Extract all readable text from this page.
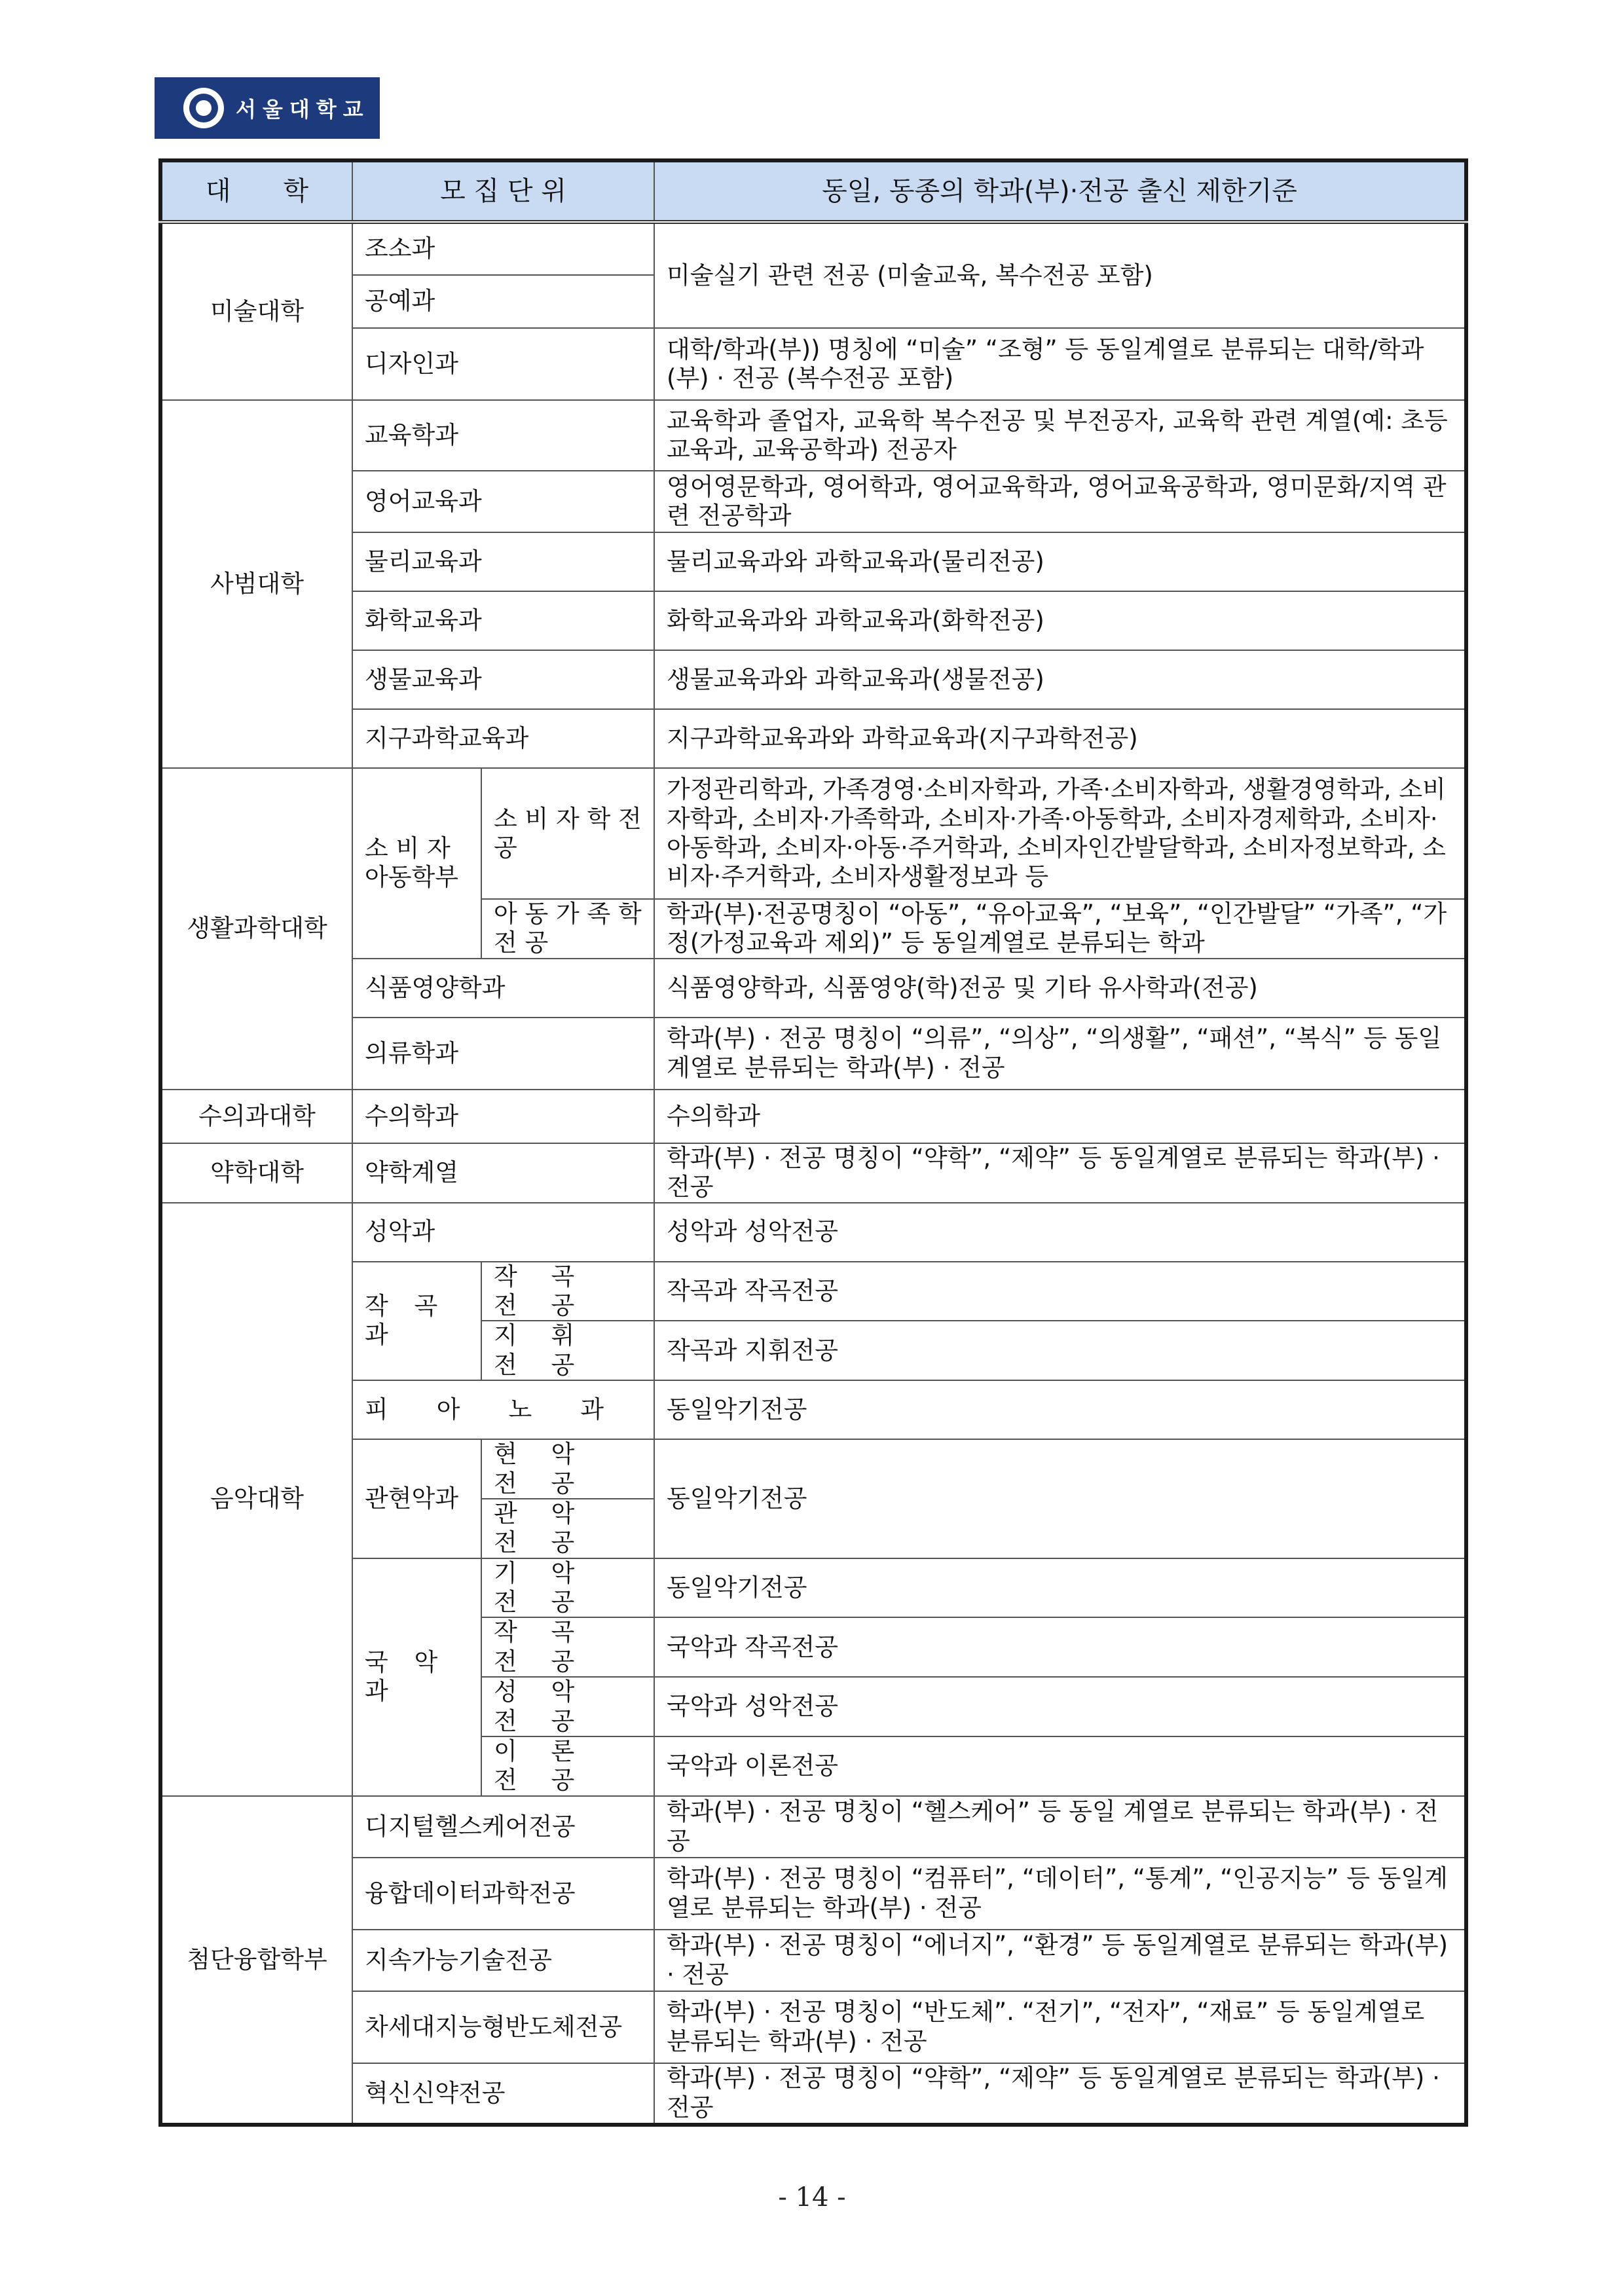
서울대학교
대　　학	모 집 단 위		동일, 동종의 학과(부)·전공 출신 제한기준
미술대학	조소과		미술실기 관련 전공 (미술교육, 복수전공 포함)
	공예과		
	디자인과		대학/학과(부)) 명칭에 “미술” “조형” 등 동일계열로 분류되는 대학/학과(부) · 전공 (복수전공 포함)
사범대학	교육학과		교육학과 졸업자, 교육학 복수전공 및 부전공자, 교육학 관련 계열(예: 초등교육과, 교육공학과) 전공자
	영어교육과		영어영문학과, 영어학과, 영어교육학과, 영어교육공학과, 영미문화/지역 관련 전공학과
	물리교육과		물리교육과와 과학교육과(물리전공)
	화학교육과		화학교육과와 과학교육과(화학전공)
	생물교육과		생물교육과와 과학교육과(생물전공)
	지구과학교육과		지구과학교육과와 과학교육과(지구과학전공)
생활과학대학	소 비 자 아동학부	소 비 자 학 전 공	가정관리학과, 가족경영·소비자학과, 가족·소비자학과, 생활경영학과, 소비자학과, 소비자·가족학과, 소비자·가족·아동학과, 소비자경제학과, 소비자·아동학과, 소비자·아동·주거학과, 소비자인간발달학과, 소비자정보학과, 소비자·주거학과, 소비자생활정보과 등
		아 동 가 족 학 전 공	학과(부)·전공명칭이 “아동”, “유아교육”, “보육”, “인간발달” “가족”, “가정(가정교육과 제외)” 등 동일계열로 분류되는 학과
	식품영양학과		식품영양학과, 식품영양(학)전공 및 기타 유사학과(전공)
	의류학과		학과(부) · 전공 명칭이 “의류”, “의상”, “의생활”, “패션”, “복식” 등 동일계열로 분류되는 학과(부) · 전공
수의과대학	수의학과		수의학과
약학대학	약학계열		학과(부) · 전공 명칭이 “약학”, “제약” 등 동일계열로 분류되는 학과(부) · 전공
음악대학	성악과		성악과 성악전공
	작 곡 과	작 곡 전 공	작곡과 작곡전공
		지 휘 전 공	작곡과 지휘전공
	피　　아　　노　　과		동일악기전공
	관현악과	현 악 전 공	동일악기전공
		관 악 전 공	
	국 악 과	기 악 전 공	동일악기전공
		작 곡 전 공	국악과 작곡전공
		성 악 전 공	국악과 성악전공
		이 론 전 공	국악과 이론전공
첨단융합학부	디지털헬스케어전공		학과(부) · 전공 명칭이 “헬스케어” 등 동일 계열로 분류되는 학과(부) · 전공
	융합데이터과학전공		학과(부) · 전공 명칭이 “컴퓨터”, “데이터”, “통계”, “인공지능” 등 동일계열로 분류되는 학과(부) · 전공
	지속가능기술전공		학과(부) · 전공 명칭이 “에너지”, “환경” 등 동일계열로 분류되는 학과(부) · 전공
	차세대지능형반도체전공		학과(부) · 전공 명칭이 “반도체”. “전기”, “전자”, “재료” 등 동일계열로 분류되는 학과(부) · 전공
	혁신신약전공		학과(부) · 전공 명칭이 “약학”, “제약” 등 동일계열로 분류되는 학과(부) · 전공
- 14 -
